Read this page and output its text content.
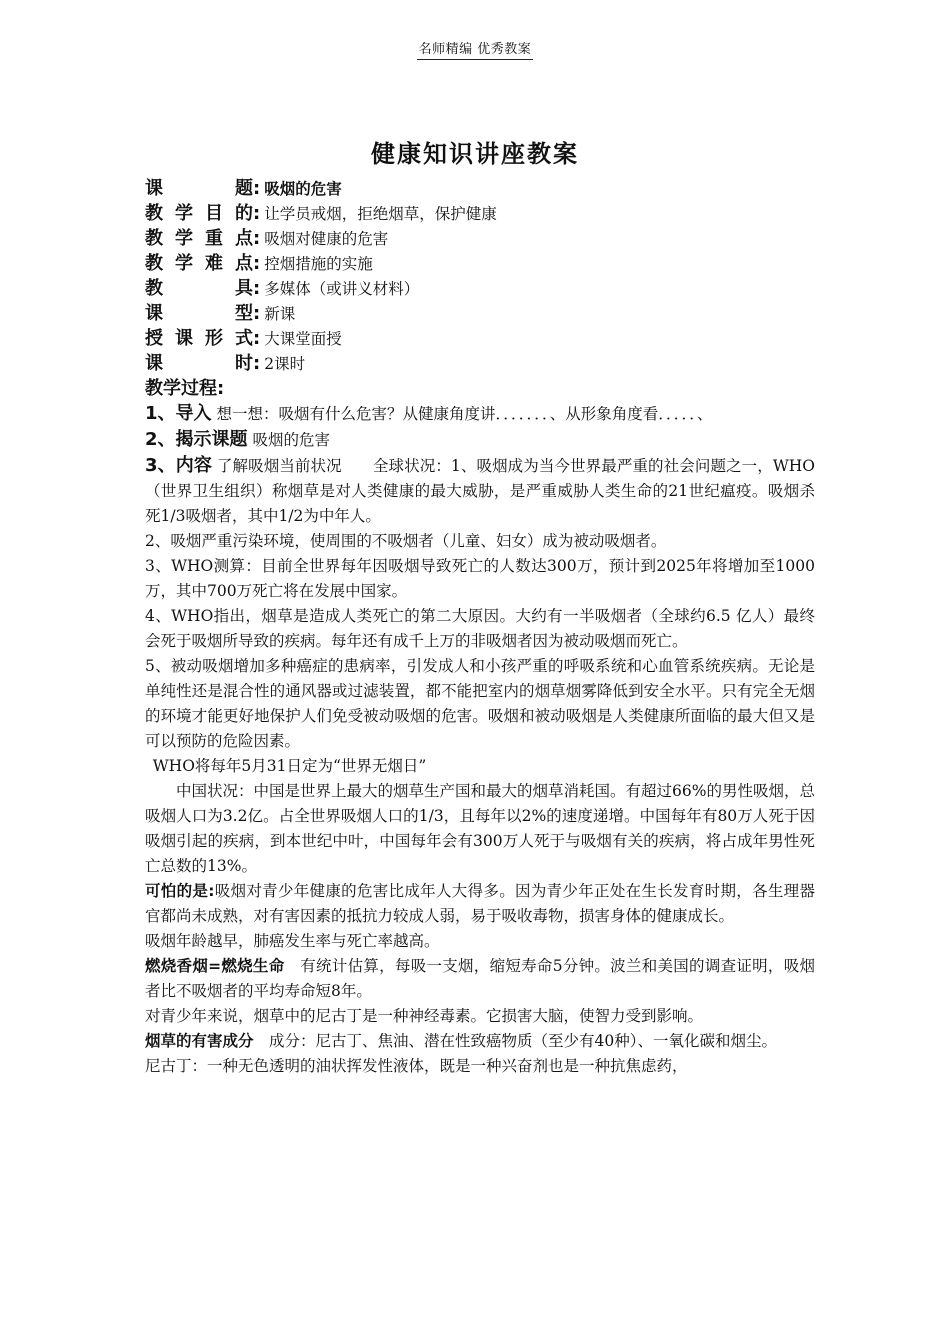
名师精编 优秀教案
健康知识讲座教案
课	题 : 吸烟的危害
教 学 目 的 : 让学员戒烟，拒绝烟草，保护健康
教 学 重 点 : 吸烟对健康的危害
教 学 难 点 : 控烟措施的实施
教	具 : 多媒体（或讲义材料）
课	型 : 新课
授 课 形 式 : 大课堂面授
课	时 : 2课时
教学过程:

1、导入 想一想：吸烟有什么危害？从健康角度讲．．．．．．．、从形象角度看．．．．．、

2、揭示课题 吸烟的危害

3、内容 了解吸烟当前状况　　全球状况：1、吸烟成为当今世界最严重的社会问题之一，WHO（世界卫生组织）称烟草是对人类健康的最大威胁，是严重威胁人类生命的21世纪瘟疫。吸烟杀死1/3吸烟者，其中1/2为中年人。

2、吸烟严重污染环境，使周围的不吸烟者（儿童、妇女）成为被动吸烟者。

3、WHO测算：目前全世界每年因吸烟导致死亡的人数达300万，预计到2025年将增加至1000万，其中700万死亡将在发展中国家。

4、WHO指出，烟草是造成人类死亡的第二大原因。大约有一半吸烟者（全球约6.5 亿人）最终会死于吸烟所导致的疾病。每年还有成千上万的非吸烟者因为被动吸烟而死亡。

5、被动吸烟增加多种癌症的患病率，引发成人和小孩严重的呼吸系统和心血管系统疾病。无论是单纯性还是混合性的通风器或过滤装置，都不能把室内的烟草烟雾降低到安全水平。只有完全无烟的环境才能更好地保护人们免受被动吸烟的危害。吸烟和被动吸烟是人类健康所面临的最大但又是可以预防的危险因素。

WHO将每年5月31日定为“世界无烟日”

中国状况：中国是世界上最大的烟草生产国和最大的烟草消耗国。有超过66%的男性吸烟，总吸烟人口为3.2亿。占全世界吸烟人口的1/3，且每年以2%的速度递增。中国每年有80万人死于因吸烟引起的疾病，到本世纪中叶，中国每年会有300万人死于与吸烟有关的疾病，将占成年男性死亡总数的13%。

可怕的是:吸烟对青少年健康的危害比成年人大得多。因为青少年正处在生长发育时期，各生理器官都尚未成熟，对有害因素的抵抗力较成人弱，易于吸收毒物，损害身体的健康成长。

吸烟年龄越早，肺癌发生率与死亡率越高。

燃烧香烟=燃烧生命　有统计估算，每吸一支烟，缩短寿命5分钟。波兰和美国的调查证明，吸烟者比不吸烟者的平均寿命短8年。

对青少年来说，烟草中的尼古丁是一种神经毒素。它损害大脑，使智力受到影响。

烟草的有害成分　成分：尼古丁、焦油、潜在性致癌物质（至少有40种）、一氧化碳和烟尘。

尼古丁：一种无色透明的油状挥发性液体，既是一种兴奋剂也是一种抗焦虑药，
